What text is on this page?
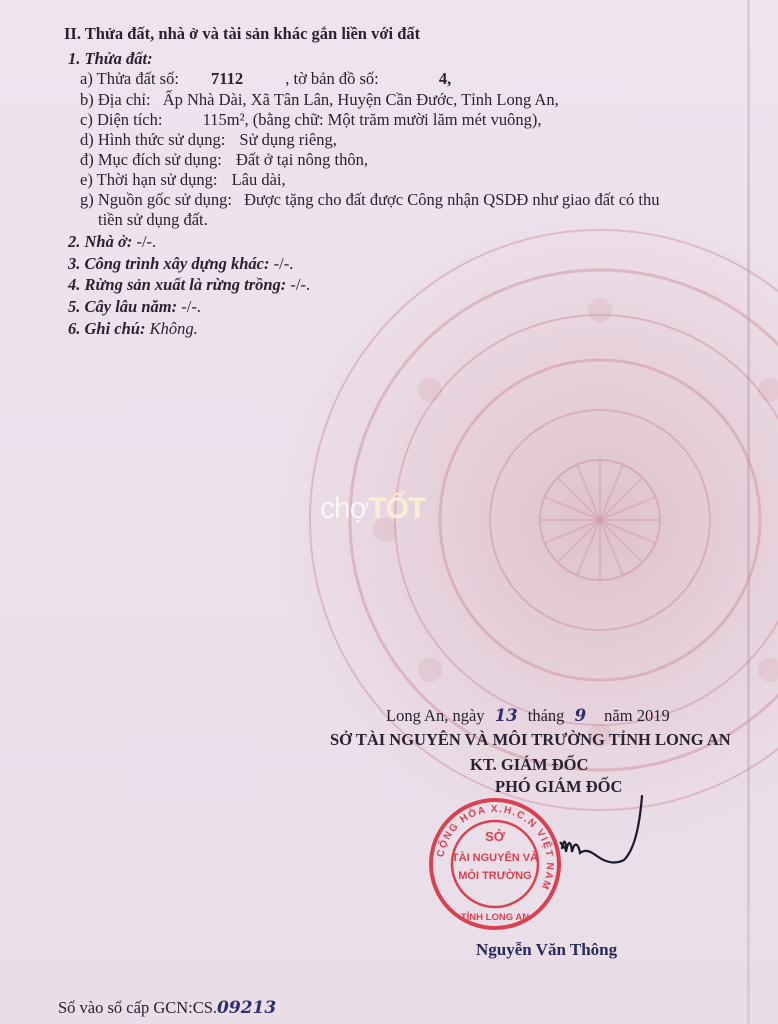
chợTỐT
II. Thửa đất, nhà ở và tài sản khác gắn liền với đất
1. Thửa đất:
a) Thửa đất số: 7112	, tờ bản đồ số:	4,
b) Địa chỉ: Ấp Nhà Dài, Xã Tân Lân, Huyện Cần Đước, Tỉnh Long An,
c) Diện tích: 115m², (bằng chữ: Một trăm mười lăm mét vuông),
d) Hình thức sử dụng: Sử dụng riêng,
đ) Mục đích sử dụng: Đất ở tại nông thôn,
e) Thời hạn sử dụng: Lâu dài,
g) Nguồn gốc sử dụng: Được tặng cho đất được Công nhận QSDĐ như giao đất có thu
tiền sử dụng đất.
2. Nhà ở: -/-.
3. Công trình xây dựng khác: -/-.
4. Rừng sản xuất là rừng trồng: -/-.
5. Cây lâu năm: -/-.
6. Ghi chú: Không.
Long An, ngày 13 tháng 9 năm 2019
SỞ TÀI NGUYÊN VÀ MÔI TRƯỜNG TỈNH LONG AN
KT. GIÁM ĐỐC
PHÓ GIÁM ĐỐC
CỘNG HÒA X.H.C.N VIỆT NAM
SỞ
TÀI NGUYÊN VÀ
MÔI TRƯỜNG
TỈNH LONG AN
Nguyễn Văn Thông
Số vào sổ cấp GCN:CS.09213
